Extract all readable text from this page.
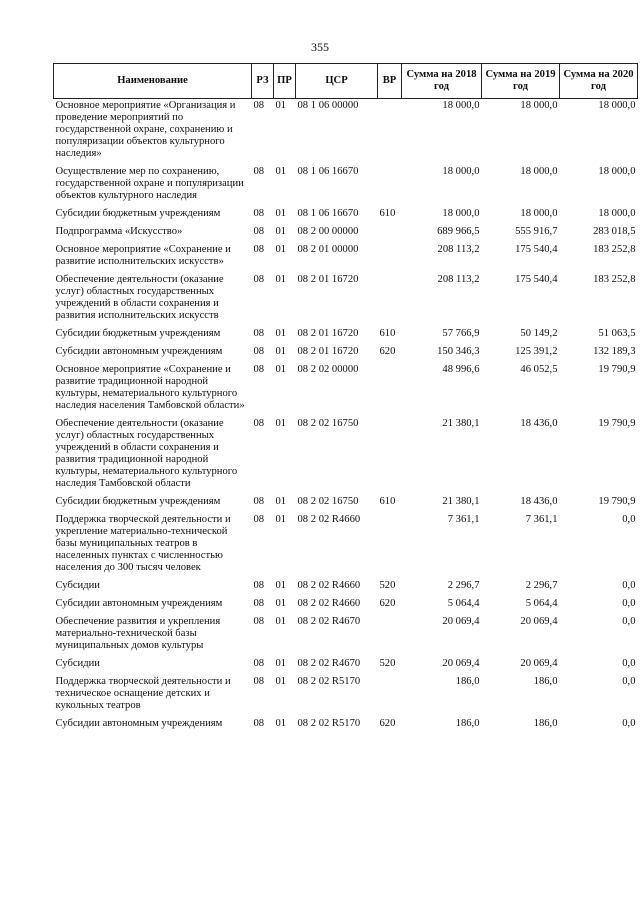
355
Наименование	РЗ	ПР	ЦСР	ВР	Сумма на 2018 год	Сумма на 2019 год	Сумма на 2020 год
Основное мероприятие «Организация и проведение мероприятий по государственной охране, сохранению и популяризации объектов культурного наследия»	08	01	08 1 06 00000		18 000,0	18 000,0	18 000,0
Осуществление мер по сохранению, государственной охране и популяризации объектов культурного наследия	08	01	08 1 06 16670		18 000,0	18 000,0	18 000,0
Субсидии бюджетным учреждениям	08	01	08 1 06 16670	610	18 000,0	18 000,0	18 000,0
Подпрограмма «Искусство»	08	01	08 2 00 00000		689 966,5	555 916,7	283 018,5
Основное мероприятие «Сохранение и развитие исполнительских искусств»	08	01	08 2 01 00000		208 113,2	175 540,4	183 252,8
Обеспечение деятельности (оказание услуг) областных государственных учреждений в области сохранения и развития исполнительских искусств	08	01	08 2 01 16720		208 113,2	175 540,4	183 252,8
Субсидии бюджетным учреждениям	08	01	08 2 01 16720	610	57 766,9	50 149,2	51 063,5
Субсидии автономным учреждениям	08	01	08 2 01 16720	620	150 346,3	125 391,2	132 189,3
Основное мероприятие «Сохранение и развитие традиционной народной культуры, нематериального культурного наследия населения Тамбовской области»	08	01	08 2 02 00000		48 996,6	46 052,5	19 790,9
Обеспечение деятельности (оказание услуг) областных государственных учреждений в области сохранения и развития традиционной народной культуры, нематериального культурного наследия Тамбовской области	08	01	08 2 02 16750		21 380,1	18 436,0	19 790,9
Субсидии бюджетным учреждениям	08	01	08 2 02 16750	610	21 380,1	18 436,0	19 790,9
Поддержка творческой деятельности и укрепление материально-технической базы муниципальных театров в населенных пунктах с численностью населения до 300 тысяч человек	08	01	08 2 02 R4660		7 361,1	7 361,1	0,0
Субсидии	08	01	08 2 02 R4660	520	2 296,7	2 296,7	0,0
Субсидии автономным учреждениям	08	01	08 2 02 R4660	620	5 064,4	5 064,4	0,0
Обеспечение развития и укрепления материально-технической базы муниципальных домов культуры	08	01	08 2 02 R4670		20 069,4	20 069,4	0,0
Субсидии	08	01	08 2 02 R4670	520	20 069,4	20 069,4	0,0
Поддержка творческой деятельности и техническое оснащение детских и кукольных театров	08	01	08 2 02 R5170		186,0	186,0	0,0
Субсидии автономным учреждениям	08	01	08 2 02 R5170	620	186,0	186,0	0,0
